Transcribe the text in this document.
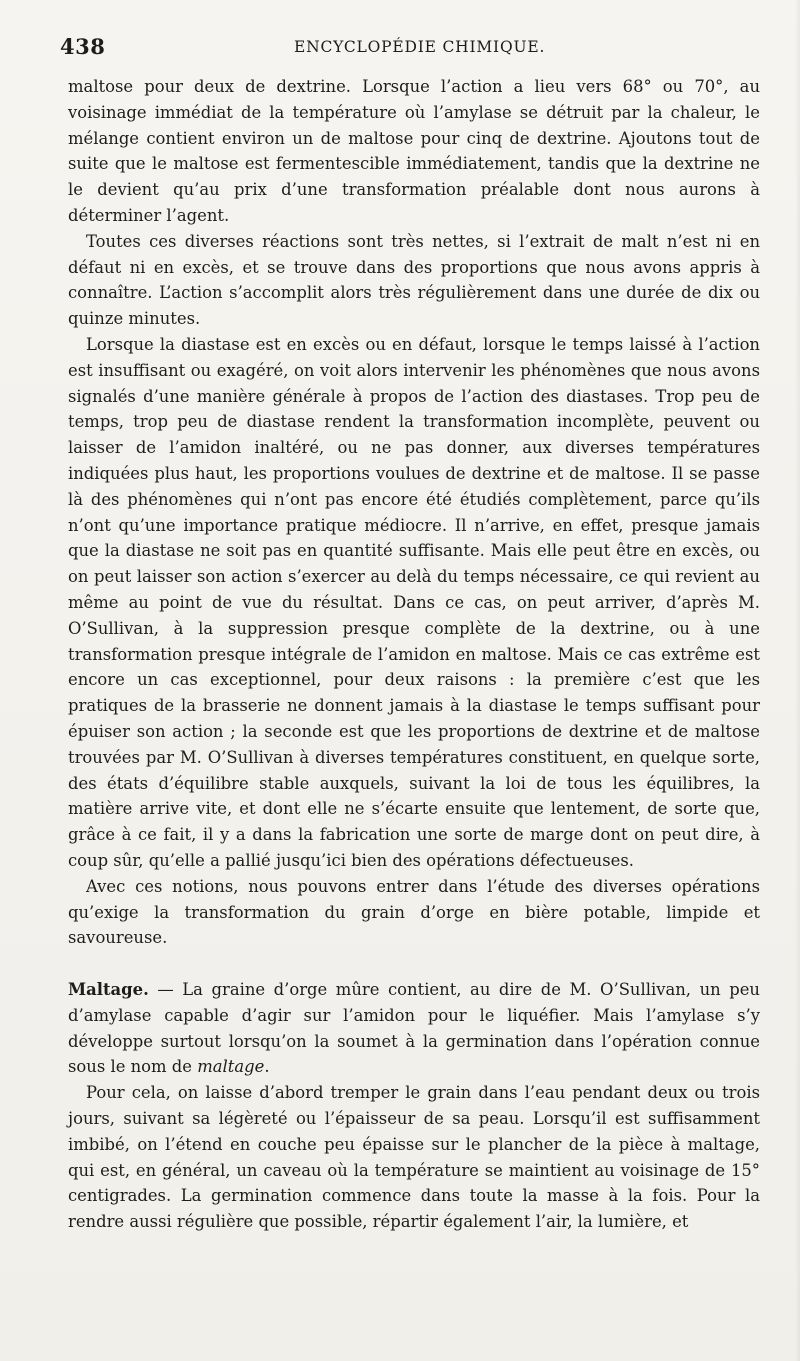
438	ENCYCLOPÉDIE CHIMIQUE.

maltose pour deux de dextrine. Lorsque l’action a lieu vers 68° ou 70°, au voisinage immédiat de la température où l’amylase se détruit par la chaleur, le mélange contient environ un de maltose pour cinq de dextrine. Ajoutons tout de suite que le maltose est fermentescible immédiatement, tandis que la dextrine ne le devient qu’au prix d’une transformation préalable dont nous aurons à déterminer l’agent.

Toutes ces diverses réactions sont très nettes, si l’extrait de malt n’est ni en défaut ni en excès, et se trouve dans des proportions que nous avons appris à connaître. L’action s’accomplit alors très régulièrement dans une durée de dix ou quinze minutes.

Lorsque la diastase est en excès ou en défaut, lorsque le temps laissé à l’action est insuffisant ou exagéré, on voit alors intervenir les phénomènes que nous avons signalés d’une manière générale à propos de l’action des diastases. Trop peu de temps, trop peu de diastase rendent la transformation incomplète, peuvent ou laisser de l’amidon inaltéré, ou ne pas donner, aux diverses températures indiquées plus haut, les proportions voulues de dextrine et de maltose. Il se passe là des phénomènes qui n’ont pas encore été étudiés complètement, parce qu’ils n’ont qu’une importance pratique médiocre. Il n’arrive, en effet, presque jamais que la diastase ne soit pas en quantité suffisante. Mais elle peut être en excès, ou on peut laisser son action s’exercer au delà du temps nécessaire, ce qui revient au même au point de vue du résultat. Dans ce cas, on peut arriver, d’après M. O’Sullivan, à la suppression presque complète de la dextrine, ou à une transformation presque intégrale de l’amidon en maltose. Mais ce cas extrême est encore un cas exceptionnel, pour deux raisons : la première c’est que les pratiques de la brasserie ne donnent jamais à la diastase le temps suffisant pour épuiser son action ; la seconde est que les proportions de dextrine et de maltose trouvées par M. O’Sullivan à diverses températures constituent, en quelque sorte, des états d’équilibre stable auxquels, suivant la loi de tous les équilibres, la matière arrive vite, et dont elle ne s’écarte ensuite que lentement, de sorte que, grâce à ce fait, il y a dans la fabrication une sorte de marge dont on peut dire, à coup sûr, qu’elle a pallié jusqu’ici bien des opérations défectueuses.

Avec ces notions, nous pouvons entrer dans l’étude des diverses opérations qu’exige la transformation du grain d’orge en bière potable, limpide et savoureuse.

Maltage. — La graine d’orge mûre contient, au dire de M. O’Sullivan, un peu d’amylase capable d’agir sur l’amidon pour le liquéfier. Mais l’amylase s’y développe surtout lorsqu’on la soumet à la germination dans l’opération connue sous le nom de maltage.

Pour cela, on laisse d’abord tremper le grain dans l’eau pendant deux ou trois jours, suivant sa légèreté ou l’épaisseur de sa peau. Lorsqu’il est suffisamment imbibé, on l’étend en couche peu épaisse sur le plancher de la pièce à maltage, qui est, en général, un caveau où la température se maintient au voisinage de 15° centigrades. La germination commence dans toute la masse à la fois. Pour la rendre aussi régulière que possible, répartir également l’air, la lumière, et
